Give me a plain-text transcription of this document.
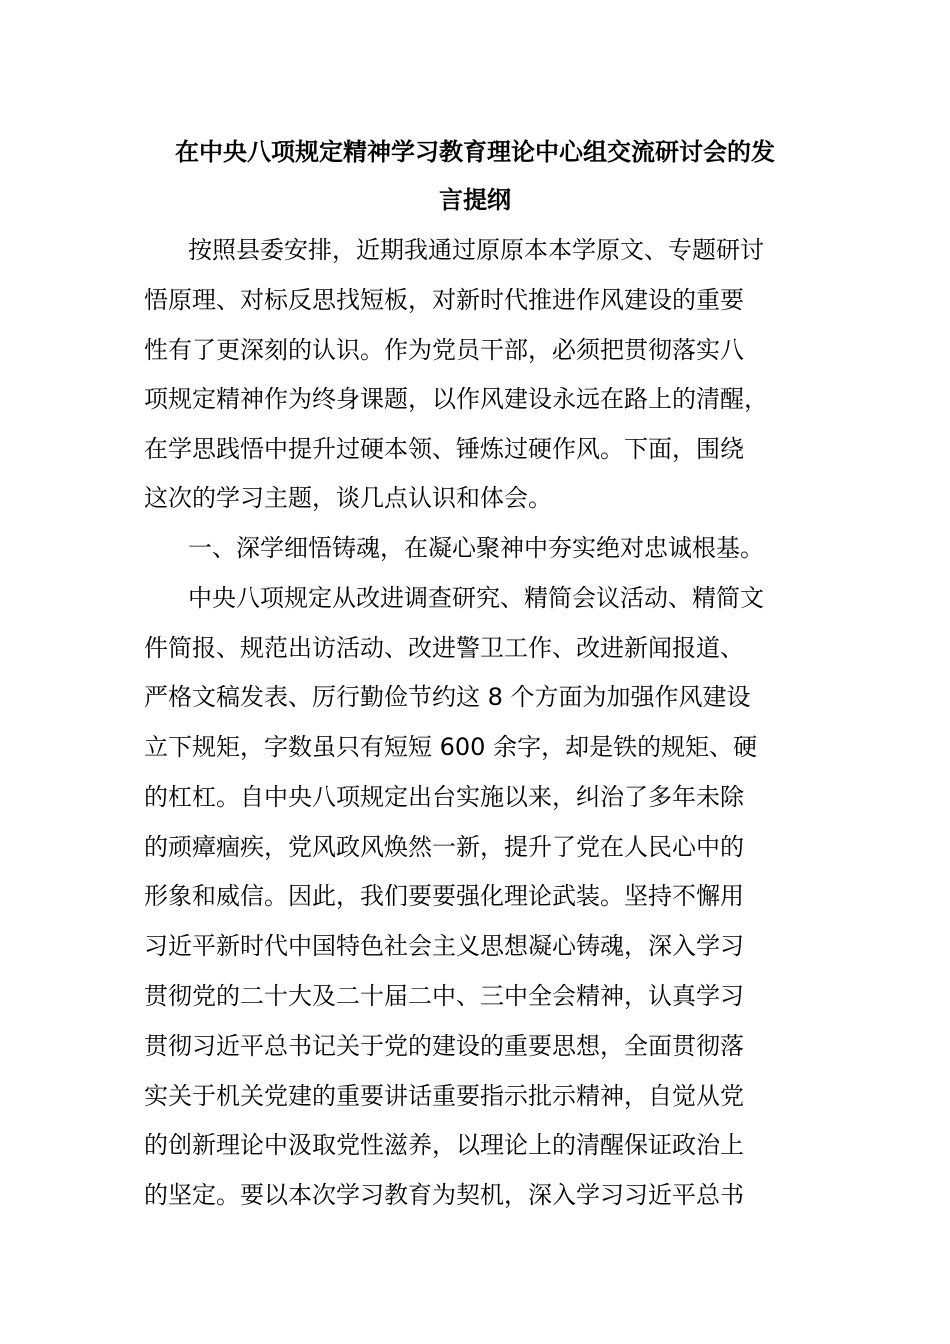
在中央八项规定精神学习教育理论中心组交流研讨会的发
言提纲
按照县委安排，近期我通过原原本本学原文、专题研讨
悟原理、对标反思找短板，对新时代推进作风建设的重要
性有了更深刻的认识。作为党员干部，必须把贯彻落实八
项规定精神作为终身课题，以作风建设永远在路上的清醒，
在学思践悟中提升过硬本领、锤炼过硬作风。下面，围绕
这次的学习主题，谈几点认识和体会。
一、深学细悟铸魂，在凝心聚神中夯实绝对忠诚根基。
中央八项规定从改进调查研究、精简会议活动、精简文
件简报、规范出访活动、改进警卫工作、改进新闻报道、
严格文稿发表、厉行勤俭节约这 8 个方面为加强作风建设
立下规矩，字数虽只有短短 600 余字，却是铁的规矩、硬
的杠杠。自中央八项规定出台实施以来，纠治了多年未除
的顽瘴痼疾，党风政风焕然一新，提升了党在人民心中的
形象和威信。因此，我们要要强化理论武装。坚持不懈用
习近平新时代中国特色社会主义思想凝心铸魂，深入学习
贯彻党的二十大及二十届二中、三中全会精神，认真学习
贯彻习近平总书记关于党的建设的重要思想，全面贯彻落
实关于机关党建的重要讲话重要指示批示精神，自觉从党
的创新理论中汲取党性滋养，以理论上的清醒保证政治上
的坚定。要以本次学习教育为契机，深入学习习近平总书
